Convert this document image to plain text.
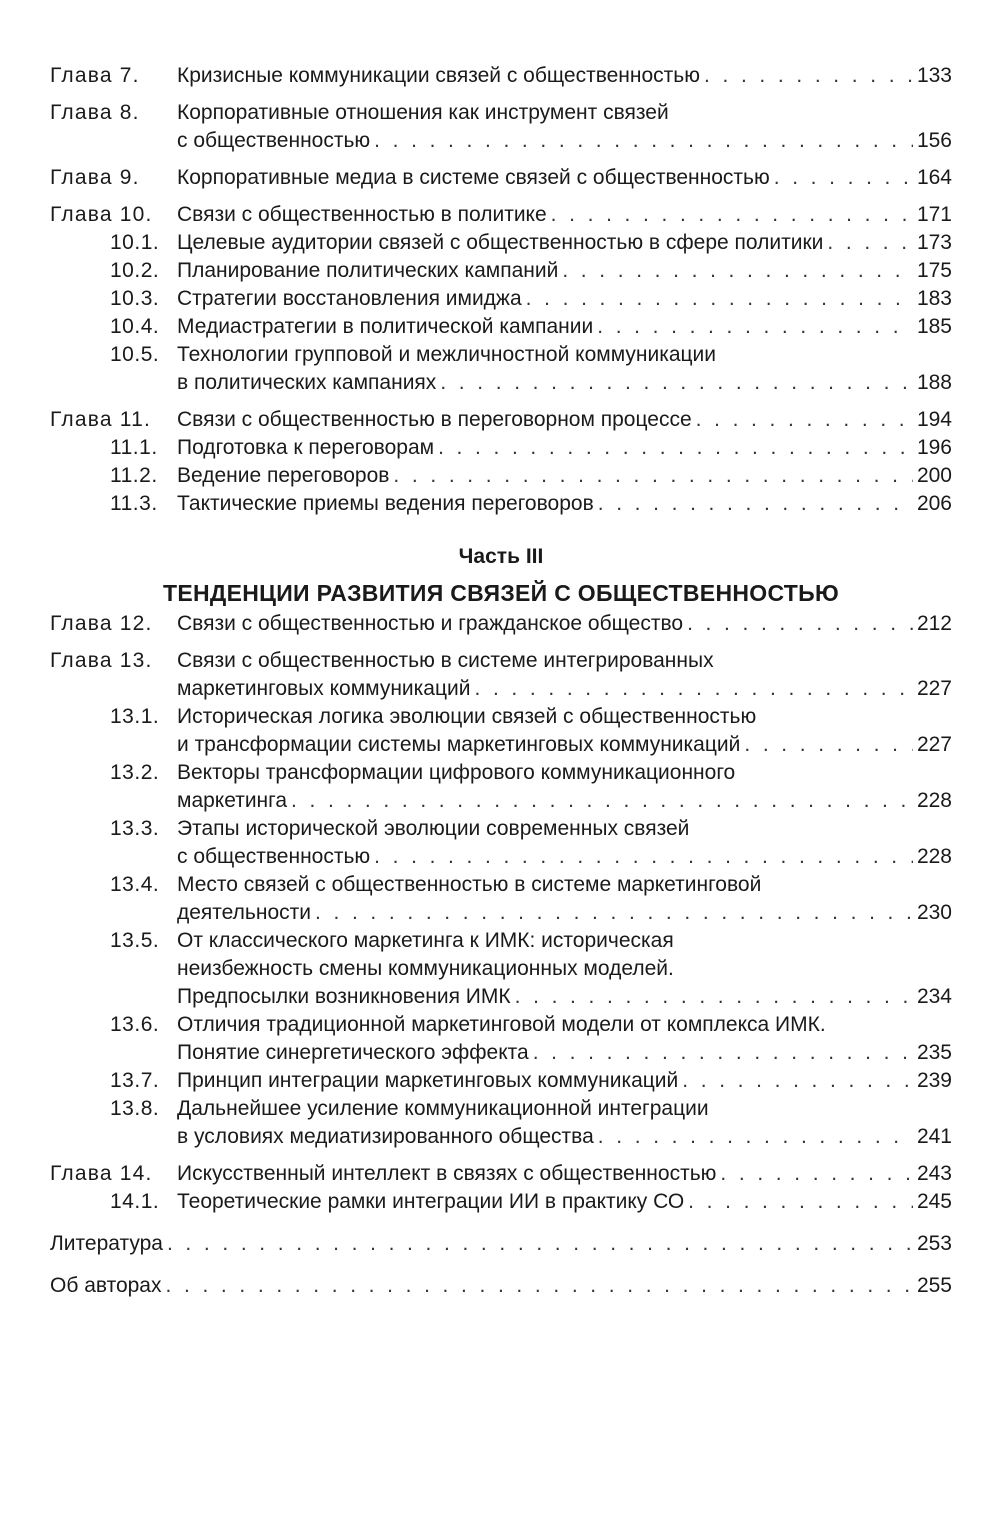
Глава 7. Кризисные коммуникации связей с общественностью . . .	133
Глава 8. Корпоративные отношения как инструмент связей
с общественностью . . .	156
Глава 9. Корпоративные медиа в системе связей с общественностью . . .	164
Глава 10. Связи с общественностью в политике . . .	171
10.1. Целевые аудитории связей с общественностью в сфере политики . . .	173
10.2. Планирование политических кампаний . . .	175
10.3. Стратегии восстановления имиджа . . .	183
10.4. Медиастратегии в политической кампании . . .	185
10.5. Технологии групповой и межличностной коммуникации
в политических кампаниях . . .	188
Глава 11. Связи с общественностью в переговорном процессе . . .	194
11.1. Подготовка к переговорам . . .	196
11.2. Ведение переговоров . . .	200
11.3. Тактические приемы ведения переговоров . . .	206
Часть III
ТЕНДЕНЦИИ РАЗВИТИЯ СВЯЗЕЙ С ОБЩЕСТВЕННОСТЬЮ
Глава 12. Связи с общественностью и гражданское общество . . .	212
Глава 13. Связи с общественностью в системе интегрированных
маркетинговых коммуникаций . . .	227
13.1. Историческая логика эволюции связей с общественностью
и трансформации системы маркетинговых коммуникаций . . .	227
13.2. Векторы трансформации цифрового коммуникационного
маркетинга . . .	228
13.3. Этапы исторической эволюции современных связей
с общественностью . . .	228
13.4. Место связей с общественностью в системе маркетинговой
деятельности . . .	230
13.5. От классического маркетинга к ИМК: историческая
неизбежность смены коммуникационных моделей.
Предпосылки возникновения ИМК . . .	234
13.6. Отличия традиционной маркетинговой модели от комплекса ИМК.
Понятие синергетического эффекта . . .	235
13.7. Принцип интеграции маркетинговых коммуникаций . . .	239
13.8. Дальнейшее усиление коммуникационной интеграции
в условиях медиатизированного общества . . .	241
Глава 14. Искусственный интеллект в связях с общественностью . . .	243
14.1. Теоретические рамки интеграции ИИ в практику СО . . .	245
Литература . . .	253
Об авторах . . .	255
